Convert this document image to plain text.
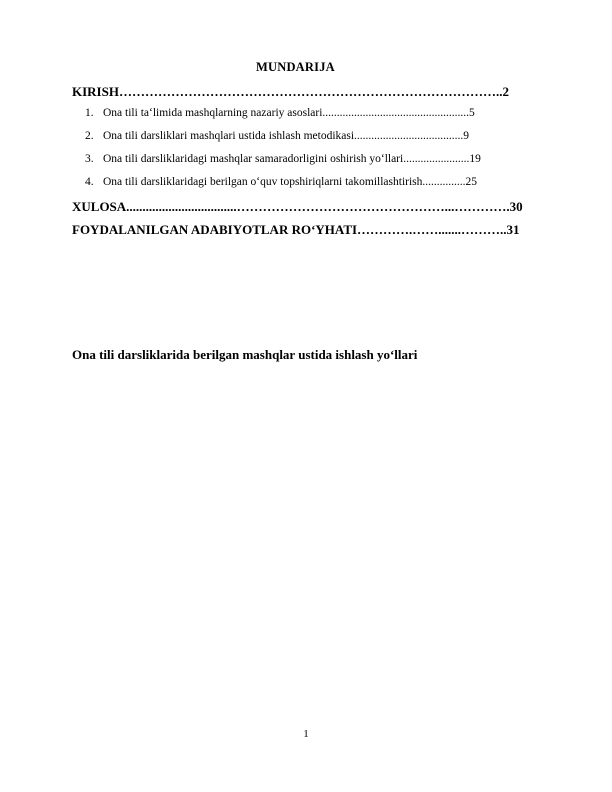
MUNDARIJA
KIRISH……………………………………………………………………………..2
1. Ona tili ta‘limida mashqlarning nazariy asoslari...................................................5
2. Ona tili darsliklari mashqlari ustida ishlash metodikasi......................................9
3. Ona tili darsliklaridagi mashqlar samaradorligini oshirish yo‘llari.......................19
4. Ona tili darsliklaridagi berilgan o‘quv topshiriqlarni takomillashtirish...............25
XULOSA..................................…………………………………………...………….30
FOYDALANILGAN ADABIYOTLAR RO‘YHATI………….…….......………..31
Ona tili darsliklarida berilgan mashqlar ustida ishlash yo‘llari
1
